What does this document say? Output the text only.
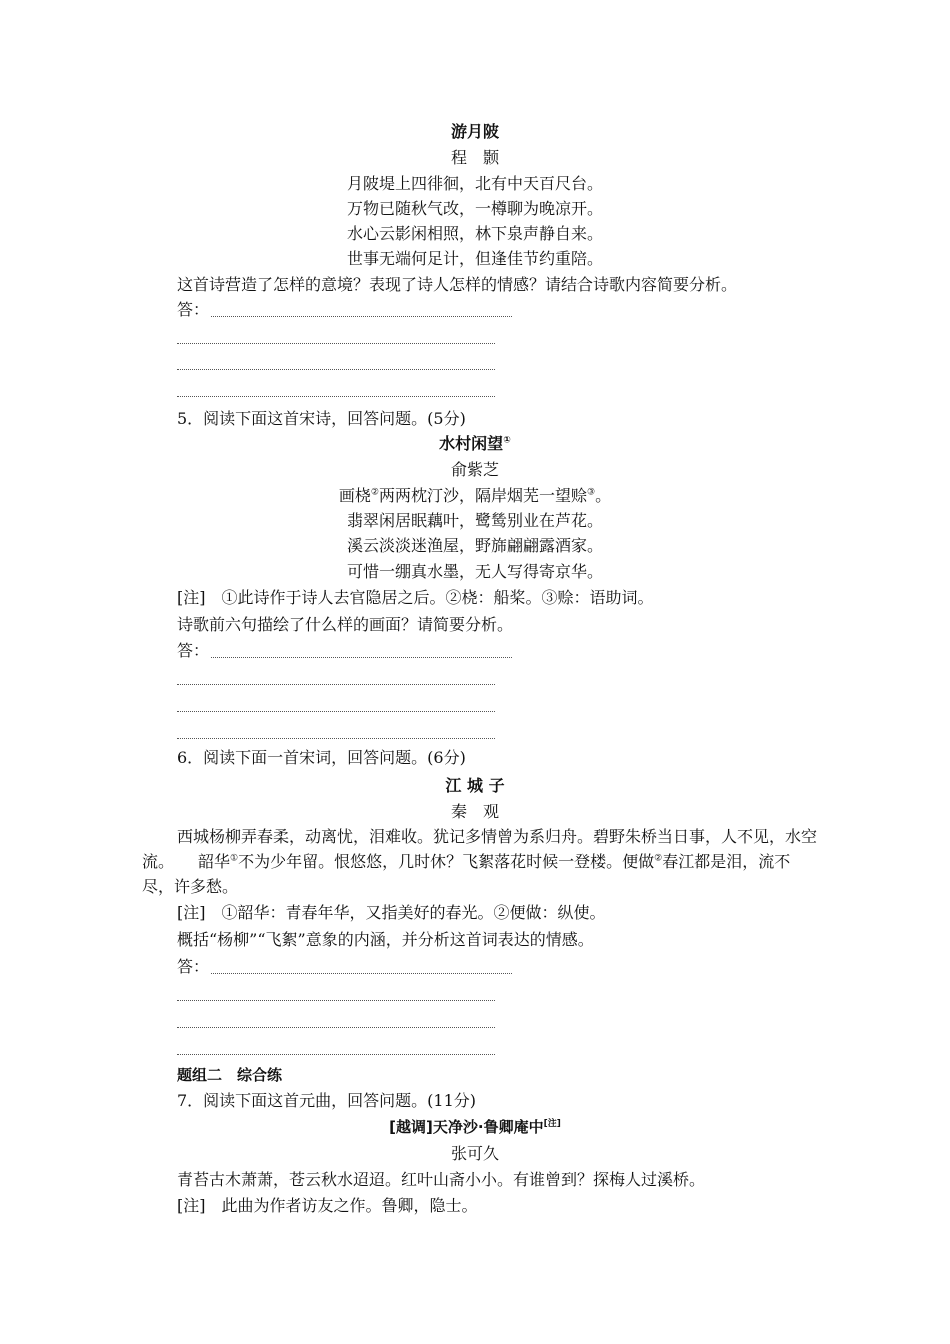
游月陂
程　颢
月陂堤上四徘徊，北有中天百尺台。
万物已随秋气改，一樽聊为晚凉开。
水心云影闲相照，林下泉声静自来。
世事无端何足计，但逢佳节约重陪。
这首诗营造了怎样的意境？表现了诗人怎样的情感？请结合诗歌内容简要分析。
答：
5．阅读下面这首宋诗，回答问题。(5分)
水村闲望①
俞紫芝
画桡②两两枕汀沙，隔岸烟芜一望赊③。
翡翠闲居眠藕叶，鹭鸶别业在芦花。
溪云淡淡迷渔屋，野旆翩翩露酒家。
可惜一绷真水墨，无人写得寄京华。
[注]　 ①此诗作于诗人去官隐居之后。②桡：船桨。③赊：语助词。
诗歌前六句描绘了什么样的画面？请简要分析。
答：
6．阅读下面一首宋词，回答问题。(6分)
江 城 子
秦　观
西城杨柳弄春柔，动离忧，泪难收。犹记多情曾为系归舟。碧野朱桥当日事，人不见，水空
流。　　韶华①不为少年留。恨悠悠，几时休？飞絮落花时候一登楼。便做②春江都是泪，流不
尽，许多愁。
[注]　 ①韶华：青春年华，又指美好的春光。②便做：纵使。
概括“杨柳”“飞絮”意象的内涵，并分析这首词表达的情感。
答：
题组二　综合练
7．阅读下面这首元曲，回答问题。(11分)
[越调]天净沙·鲁卿庵中[注]
张可久
青苔古木萧萧，苍云秋水迢迢。红叶山斋小小。有谁曾到？探梅人过溪桥。
[注]　 此曲为作者访友之作。鲁卿，隐士。
